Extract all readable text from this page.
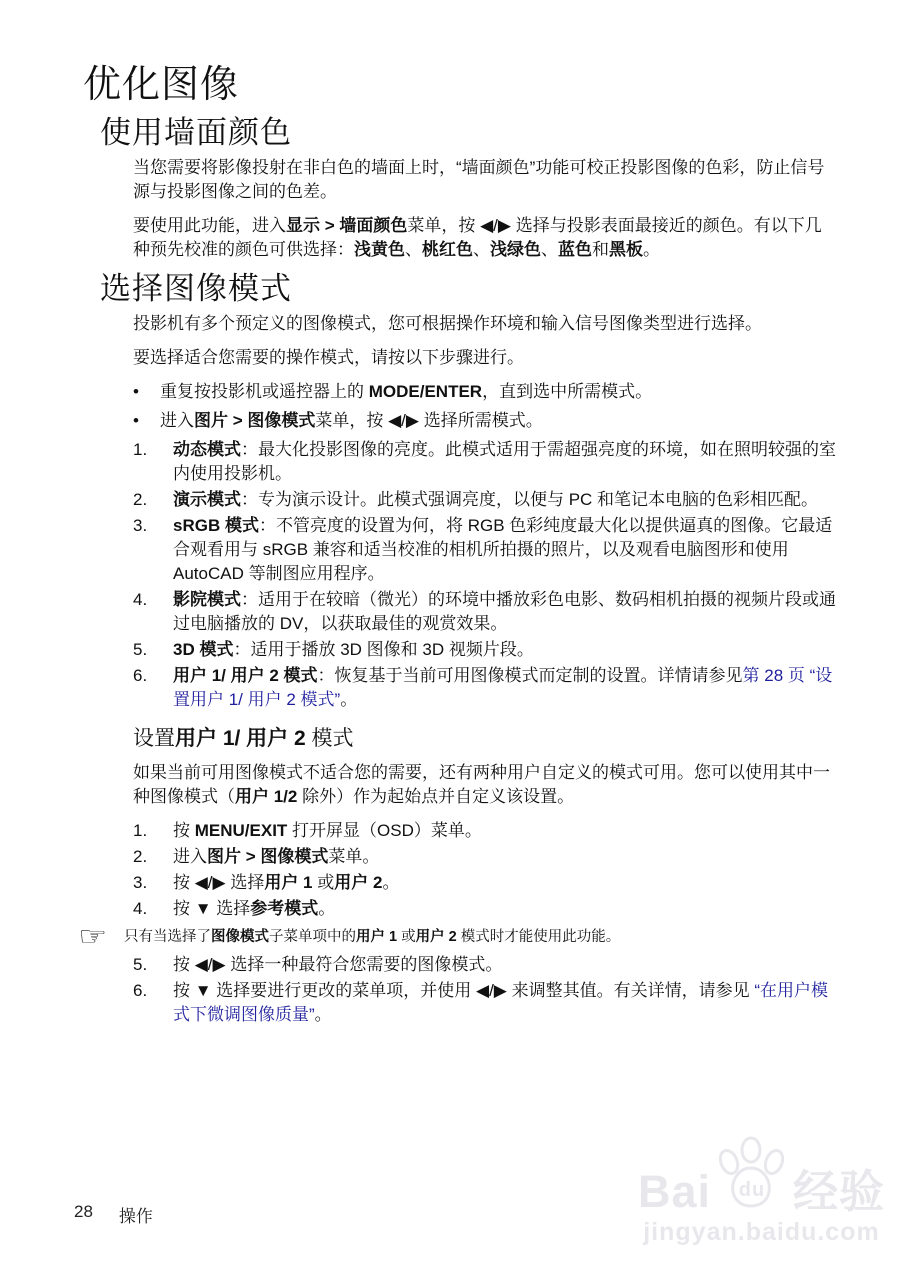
优化图像
使用墙面颜色

当您需要将影像投射在非白色的墙面上时，“墙面颜色”功能可校正投影图像的色彩，防止信号源与投影图像之间的色差。

要使用此功能，进入显示 > 墙面颜色菜单，按 ◀/▶ 选择与投影表面最接近的颜色。有以下几种预先校准的颜色可供选择：浅黄色、桃红色、浅绿色、蓝色和黑板。

选择图像模式

投影机有多个预定义的图像模式，您可根据操作环境和输入信号图像类型进行选择。

要选择适合您需要的操作模式，请按以下步骤进行。

•	重复按投影机或遥控器上的 MODE/ENTER，直到选中所需模式。
•	进入图片 > 图像模式菜单，按 ◀/▶ 选择所需模式。
1.	动态模式：最大化投影图像的亮度。此模式适用于需超强亮度的环境，如在照明较强的室内使用投影机。
2.	演示模式：专为演示设计。此模式强调亮度，以便与 PC 和笔记本电脑的色彩相匹配。
3.	sRGB 模式：不管亮度的设置为何，将 RGB 色彩纯度最大化以提供逼真的图像。它最适合观看用与 sRGB 兼容和适当校准的相机所拍摄的照片，以及观看电脑图形和使用 AutoCAD 等制图应用程序。
4.	影院模式：适用于在较暗（微光）的环境中播放彩色电影、数码相机拍摄的视频片段或通过电脑播放的 DV，以获取最佳的观赏效果。
5.	3D 模式：适用于播放 3D 图像和 3D 视频片段。
6.	用户 1/ 用户 2 模式：恢复基于当前可用图像模式而定制的设置。详情请参见第 28 页 “设置用户 1/ 用户 2 模式”。
设置用户 1/ 用户 2 模式

如果当前可用图像模式不适合您的需要，还有两种用户自定义的模式可用。您可以使用其中一种图像模式（用户 1/2 除外）作为起始点并自定义该设置。

1.	按 MENU/EXIT 打开屏显（OSD）菜单。
2.	进入图片 > 图像模式菜单。
3.	按 ◀/▶ 选择用户 1 或用户 2。
4.	按 ▼ 选择参考模式。
☞	只有当选择了图像模式子菜单项中的用户 1 或用户 2 模式时才能使用此功能。
5.	按 ◀/▶ 选择一种最符合您需要的图像模式。
6.	按 ▼ 选择要进行更改的菜单项，并使用 ◀/▶ 来调整其值。有关详情，请参见 “在用户模式下微调图像质量”。
28 操作	Bai du 经验
jingyan.baidu.com
